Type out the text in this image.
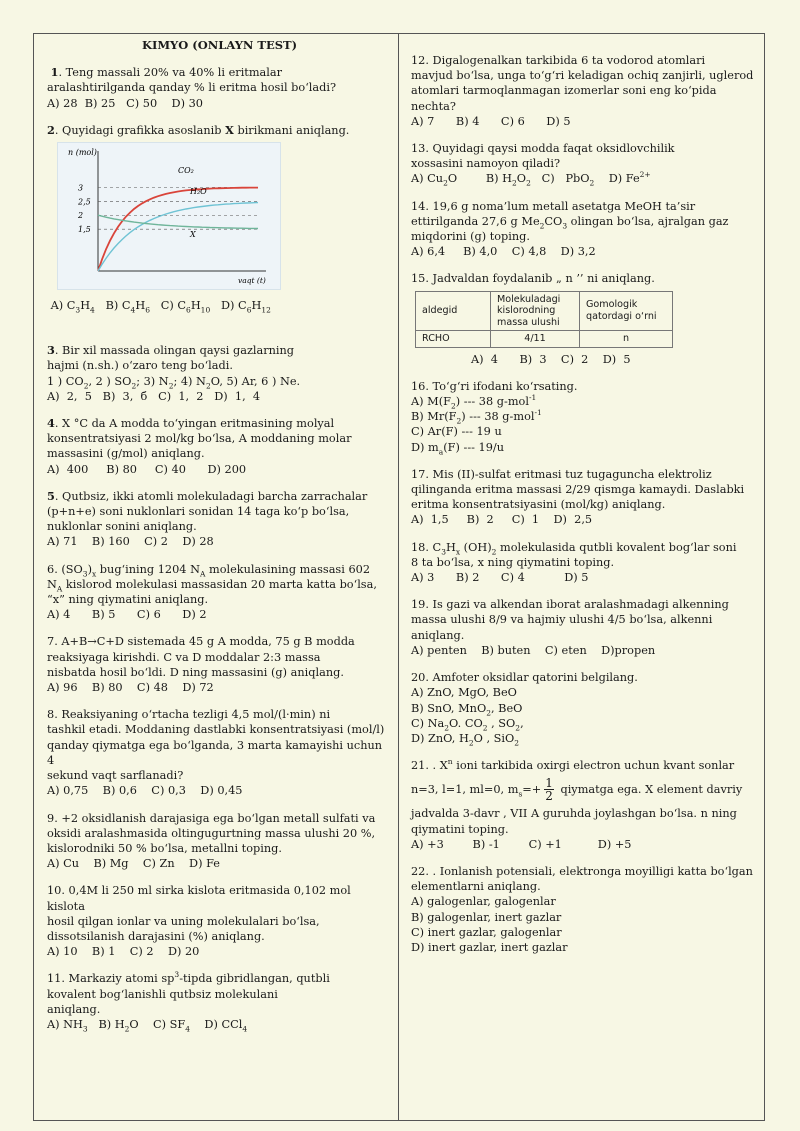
KIMYO (ONLAYN TEST)

1. Teng massali 20% va 40% li eritmalar

aralashtirilganda qanday % li eritma hosil bo‘ladi?

A) 28  B) 25   C) 50    D) 30

2. Quyidagi grafikka asoslanib X birikmani aniqlang.

n (mol)
1,5
2
2,5
3
CO₂
H₂O
X
vaqt (t)

A) $C_3H_4$   B) $C_4H_6$   C) $C_6H_{10}$   D) $C_6H_{12}$

3. Bir xil massada olingan qaysi gazlarning

hajmi (n.sh.) o‘zaro teng bo‘ladi.

1 ) $CO_2$, 2 ) $SO_2$; 3) $N_2$; 4) $N_2O$, 5) Ar, 6 ) Ne.

A)  2,  5   B)  3,  б   C)  1,  2   D)  1,  4

4. X °C da A modda to‘yingan eritmasining molyal

konsentratsiyasi 2 mol/kg bo‘lsa, A moddaning molar

massasini (g/mol) aniqlang.

A)  400     B) 80     C) 40      D) 200

5. Qutbsiz, ikki atomli molekuladagi barcha zarrachalar

(p+n+e) soni nuklonlari sonidan 14 taga ko‘p bo‘lsa,

nuklonlar sonini aniqlang.

A) 71    B) 160    C) 2    D) 28

6. $(SO_3)_x$ bug‘ining 1204 $N_A$ molekulasining massasi 602

$N_A$ kislorod molekulasi massasidan 20 marta katta bo‘lsa,

“x” ning qiymatini aniqlang.

A) 4      B) 5      C) 6      D) 2

7. A+B→C+D sistemada 45 g A modda, 75 g B modda

reaksiyaga kirishdi. C va D moddalar 2:3 massa

nisbatda hosil bo‘ldi. D ning massasini (g) aniqlang.

A) 96    B) 80    C) 48    D) 72

8. Reaksiyaning o‘rtacha tezligi 4,5 mol/(l·min) ni

tashkil etadi. Moddaning dastlabki konsentratsiyasi (mol/l)

qanday qiymatga ega bo‘lganda, 3 marta kamayishi uchun 4

sekund vaqt sarflanadi?

A) 0,75    B) 0,6    C) 0,3    D) 0,45

9. +2 oksidlanish darajasiga ega bo‘lgan metall sulfati va

oksidi aralashmasida oltingugurtning massa ulushi 20 %,

kislorodniki 50 % bo‘lsa, metallni toping.

A) Cu    B) Mg    C) Zn    D) Fe

10. 0,4M li 250 ml sirka kislota eritmasida 0,102 mol kislota

hosil qilgan ionlar va uning molekulalari bo‘lsa,

dissotsilanish darajasini (%) aniqlang.

A) 10    B) 1    C) 2    D) 20

11. Markaziy atomi $sp^3$-tipda gibridlangan, qutbli

kovalent bog‘lanishli qutbsiz molekulani

aniqlang.

A) $NH_3$   B) $H_2O$    C) $SF_4$    D) CCl$_4$

12. Digalogenalkan tarkibida 6 ta vodorod atomlari

mavjud bo‘lsa, unga to‘g‘ri keladigan ochiq zanjirli, uglerod

atomlari tarmoqlanmagan izomerlar soni eng ko‘pida

nechta?

A) 7      B) 4      C) 6      D) 5

13. Quyidagi qaysi modda faqat oksidlovchilik

xossasini namoyon qiladi?

A) $Cu_2O$        B) $H_2O_2$   C)   PbO$_2$    D) $Fe^{2+}$

14. 19,6 g noma’lum metall asetatga MeOH ta’sir

ettirilganda 27,6 g $Me_2CO_3$ olingan bo‘lsa, ajralgan gaz

miqdorini (g) toping.

A) 6,4     B) 4,0    C) 4,8    D) 3,2

15. Jadvaldan foydalanib „ n ’’ ni aniqlang.

aldegid	Molekuladagi kislorodning massa ulushi	Gomologik qatordagi o‘rni
RCHO	4/11	n

A)  4      B)  3    C)  2    D)  5

16. To‘g‘ri ifodani ko‘rsating.

A) $M(F_2)$ --- 38 g-mol$^{-1}$

B) $Mr(F_2)$ --- 38 g-mol$^{-1}$

C) Ar(F) --- 19 u

D) $m_a(F)$ --- 19/u

17. Mis (II)-sulfat eritmasi tuz tugaguncha elektroliz

qilinganda eritma massasi 2/29 qismga kamaydi. Daslabki

eritma konsentratsiyasini (mol/kg) aniqlang.

A)  1,5     B)  2     C)  1    D)  2,5

18. $C_3H_x$ $(OH)_2$ molekulasida qutbli kovalent bog‘lar soni

8 ta bo‘lsa, x ning qiymatini toping.

A) 3      B) 2      C) 4           D) 5

19. Is gazi va alkendan iborat aralashmadagi alkenning

massa ulushi 8/9 va hajmiy ulushi 4/5 bo‘lsa, alkenni

aniqlang.

A) penten    B) buten    C) eten    D)propen

20. Amfoter oksidlar qatorini belgilang.

A) ZnO, MgO, BeO

B) SnO, MnO$_2$, BeO

C) $Na_2O$. $CO_2$ , $SO_2$,

D) ZnO, $H_2O$ , SiO$_2$

21. . $X^n$ ioni tarkibida oxirgi electron uchun kvant sonlar

n=3, l=1, ml=0, $m_s=+ \frac{1}{2}$ qiymatga ega. X element davriy

jadvalda 3-davr , VII A guruhda joylashgan bo‘lsa. n ning

qiymatini toping.

A) +3        B) -1        C) +1          D) +5

22. . Ionlanish potensiali, elektronga moyilligi katta bo‘lgan

elementlarni aniqlang.

A) galogenlar, galogenlar

B) galogenlar, inert gazlar

C) inert gazlar, galogenlar

D) inert gazlar, inert gazlar
